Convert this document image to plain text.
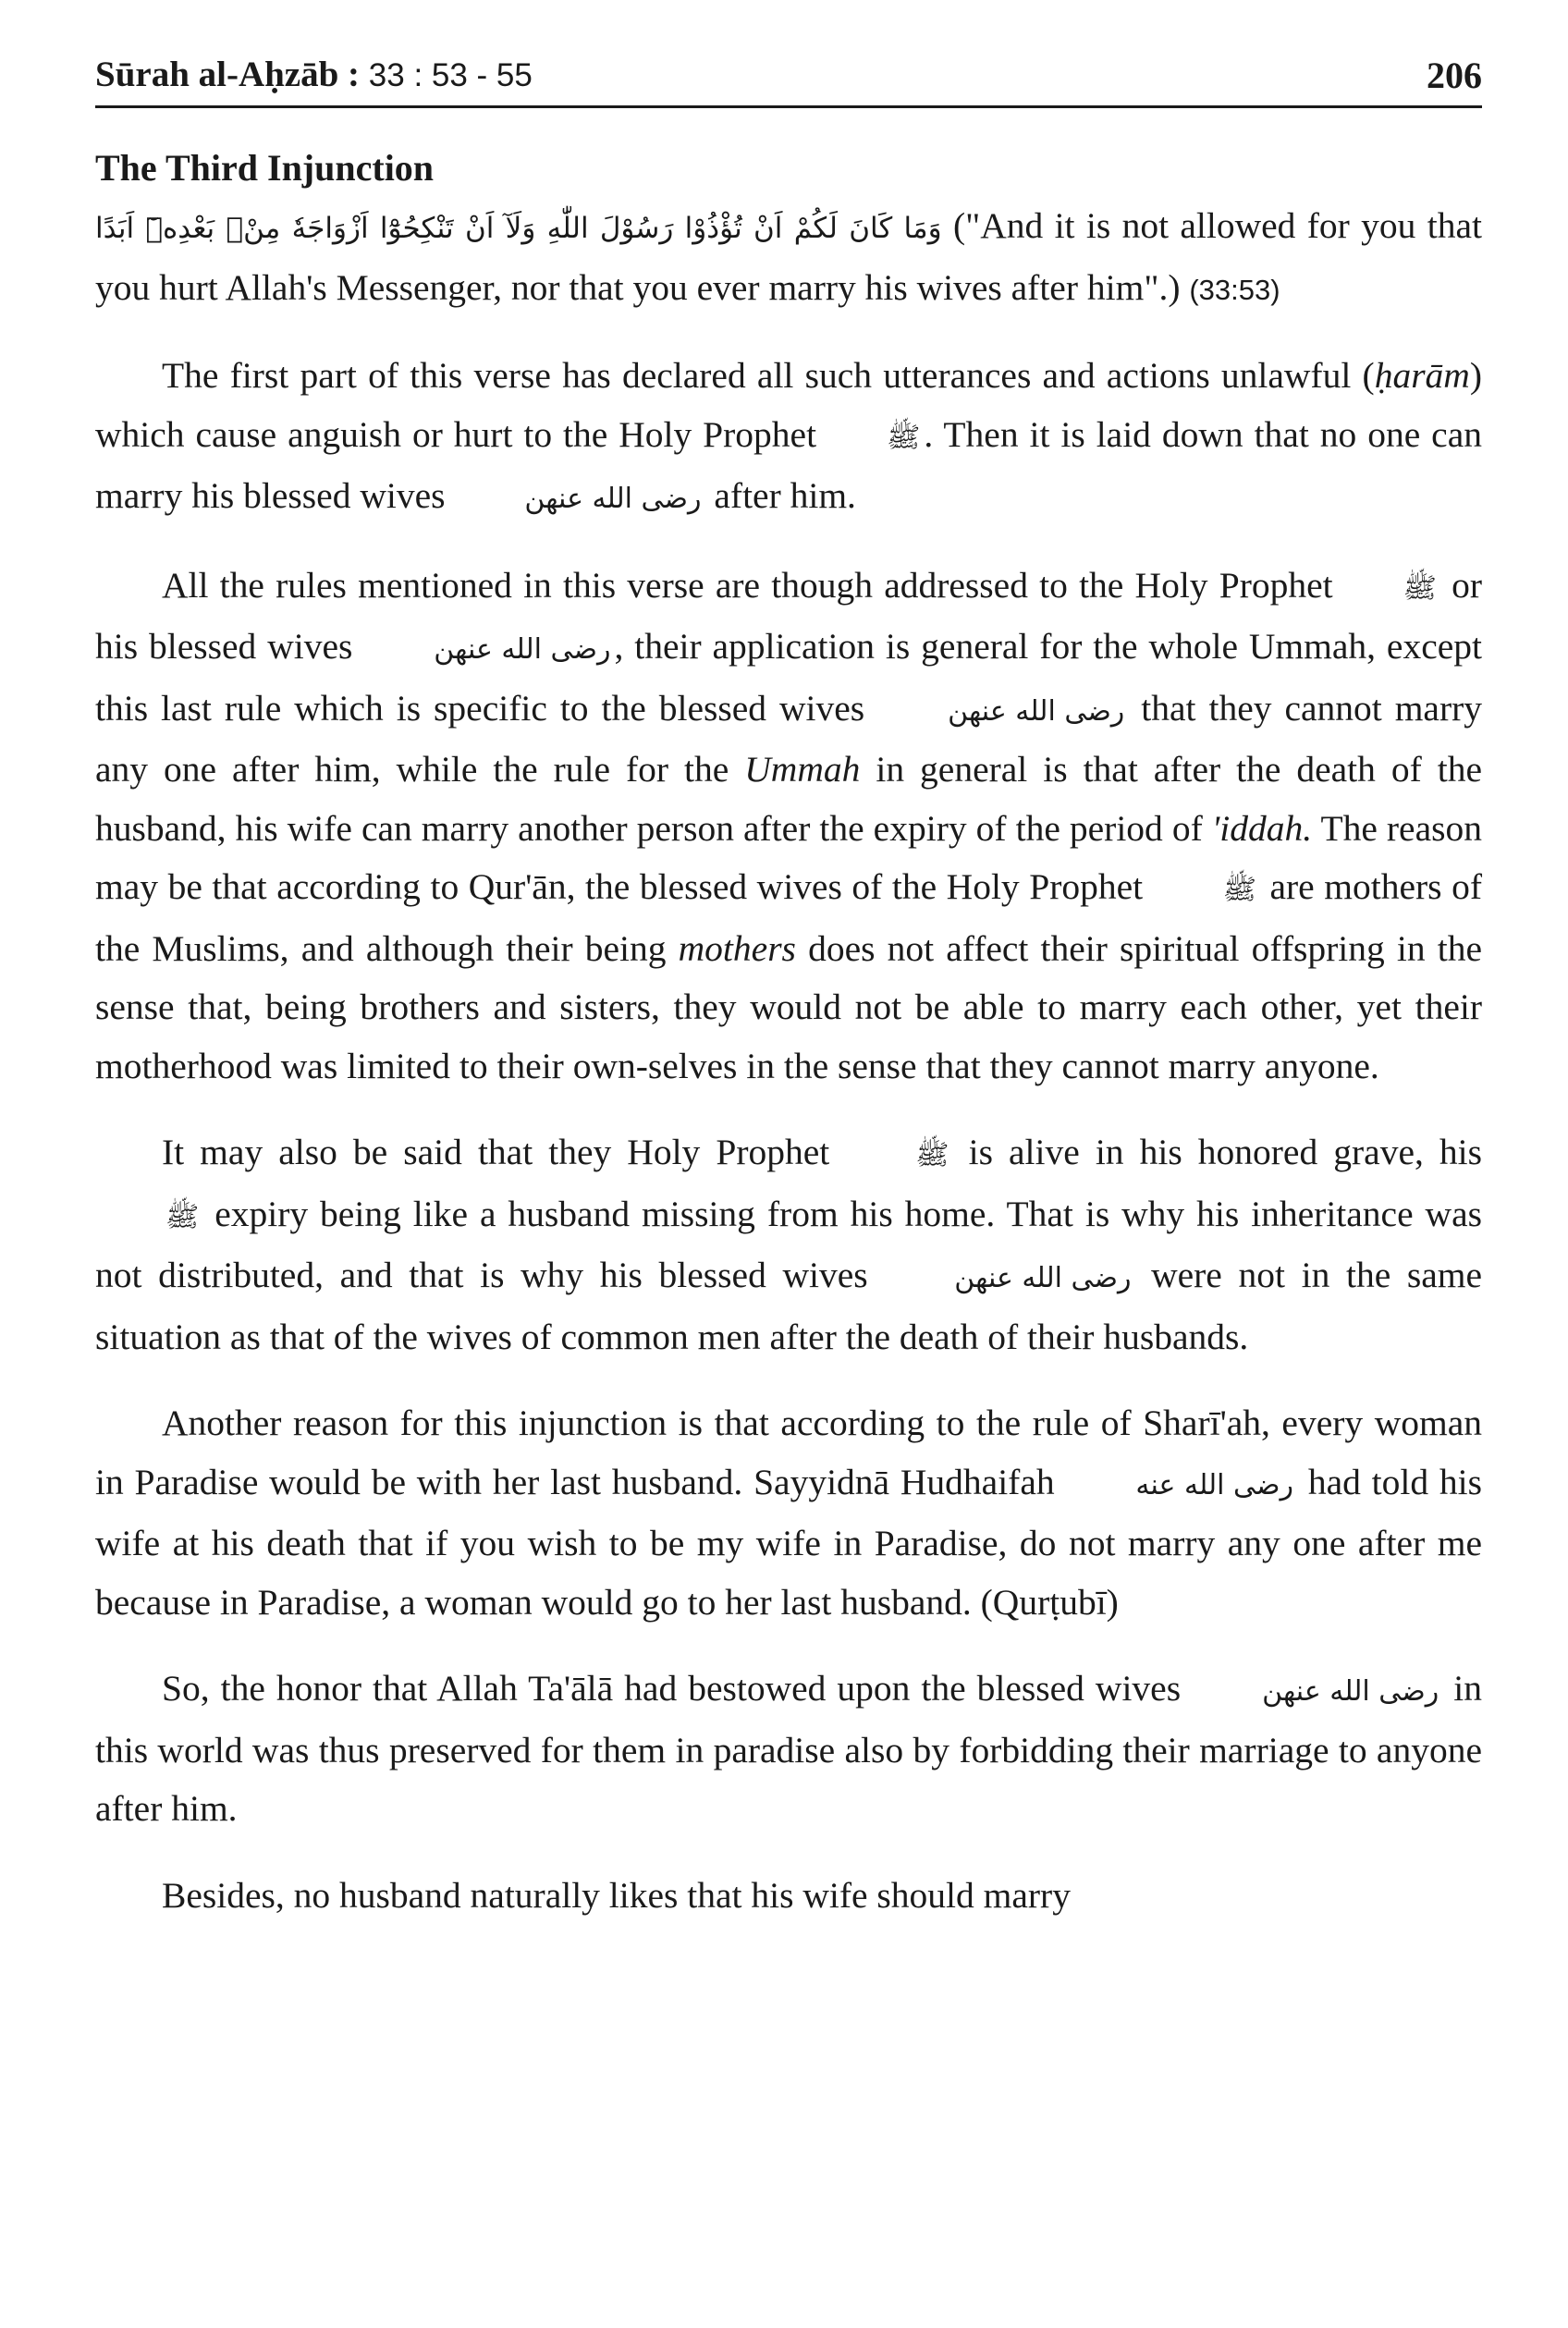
Sūrah al-Aḥzāb : 33 : 53 - 55	206
The Third Injunction

وَمَا كَانَ لَكُمْ اَنْ تُؤْذُوْا رَسُوْلَ اللّٰهِ وَلَآ اَنْ تَنْكِحُوْٓا اَزْوَاجَهٗ مِنْۢ بَعْدِهٖٓ اَبَدًا ("And it is not allowed for you that you hurt Allah's Messenger, nor that you ever marry his wives after him".) (33:53)

The first part of this verse has declared all such utterances and actions unlawful (ḥarām) which cause anguish or hurt to the Holy Prophet	ﷺ . Then it is laid down that no one can marry his blessed wives	رضى الله عنهن after him.

All the rules mentioned in this verse are though addressed to the Holy Prophet	ﷺ or his blessed wives	رضى الله عنهن , their application is general for the whole Ummah, except this last rule which is specific to the blessed wives	رضى الله عنهن that they cannot marry any one after him, while the rule for the Ummah in general is that after the death of the husband, his wife can marry another person after the expiry of the period of 'iddah. The reason may be that according to Qur'ān, the blessed wives of the Holy Prophet	ﷺ are mothers of the Muslims, and although their being mothers does not affect their spiritual offspring in the sense that, being brothers and sisters, they would not be able to marry each other, yet their motherhood was limited to their own-selves in the sense that they cannot marry anyone.

It may also be said that they Holy Prophet	ﷺ is alive in his honored grave, his ﷺ expiry being like a husband missing from his home. That is why his inheritance was not distributed, and that is why his blessed wives	رضى الله عنهن were not in the same situation as that of the wives of common men after the death of their husbands.

Another reason for this injunction is that according to the rule of Sharī'ah, every woman in Paradise would be with her last husband. Sayyidnā Hudhaifah	رضى الله عنه had told his wife at his death that if you wish to be my wife in Paradise, do not marry any one after me because in Paradise, a woman would go to her last husband. (Qurṭubī)

So, the honor that Allah Ta'ālā had bestowed upon the blessed wives	رضى الله عنهن in this world was thus preserved for them in paradise also by forbidding their marriage to anyone after him.

Besides, no husband naturally likes that his wife should marry
